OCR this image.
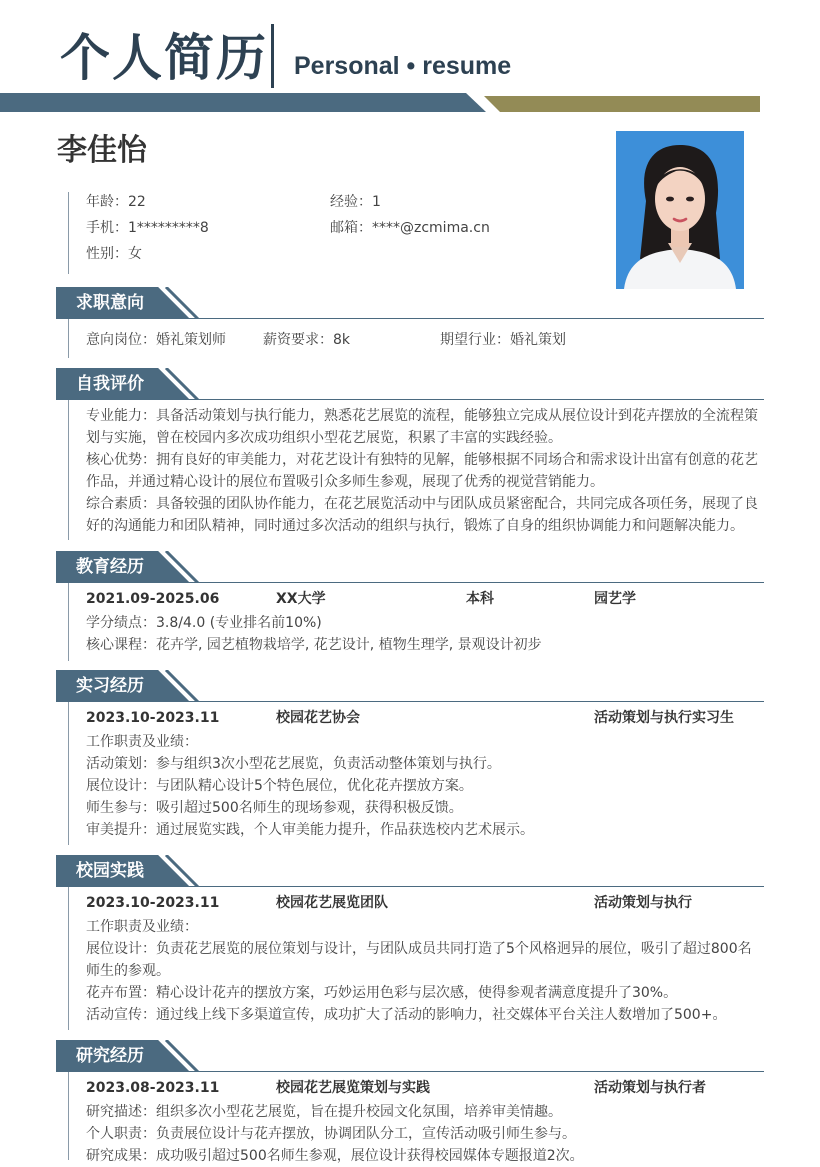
个人简历 Personal • resume
李佳怡
年龄：22	经验：1
手机：1*********8	邮箱：****@zcmima.cn
性别：女
求职意向
意向岗位：婚礼策划师	薪资要求：8k	期望行业：婚礼策划
自我评价

专业能力：具备活动策划与执行能力，熟悉花艺展览的流程，能够独立完成从展位设计到花卉摆放的全流程策划与实施，曾在校园内多次成功组织小型花艺展览，积累了丰富的实践经验。

核心优势：拥有良好的审美能力，对花艺设计有独特的见解，能够根据不同场合和需求设计出富有创意的花艺作品，并通过精心设计的展位布置吸引众多师生参观，展现了优秀的视觉营销能力。

综合素质：具备较强的团队协作能力，在花艺展览活动中与团队成员紧密配合，共同完成各项任务，展现了良好的沟通能力和团队精神，同时通过多次活动的组织与执行，锻炼了自身的组织协调能力和问题解决能力。

教育经历
2021.09-2025.06	XX大学	本科	园艺学
学分绩点：3.8/4.0 (专业排名前10%)
核心课程：花卉学, 园艺植物栽培学, 花艺设计, 植物生理学, 景观设计初步
实习经历
2023.10-2023.11	校园花艺协会	活动策划与执行实习生

工作职责及业绩：

活动策划：参与组织3次小型花艺展览，负责活动整体策划与执行。

展位设计：与团队精心设计5个特色展位，优化花卉摆放方案。

师生参与：吸引超过500名师生的现场参观，获得积极反馈。

审美提升：通过展览实践，个人审美能力提升，作品获选校内艺术展示。

校园实践
2023.10-2023.11	校园花艺展览团队	活动策划与执行

工作职责及业绩：

展位设计：负责花艺展览的展位策划与设计，与团队成员共同打造了5个风格迥异的展位，吸引了超过800名师生的参观。

花卉布置：精心设计花卉的摆放方案，巧妙运用色彩与层次感，使得参观者满意度提升了30%。

活动宣传：通过线上线下多渠道宣传，成功扩大了活动的影响力，社交媒体平台关注人数增加了500+。

研究经历
2023.08-2023.11	校园花艺展览策划与实践	活动策划与执行者

研究描述：组织多次小型花艺展览，旨在提升校园文化氛围，培养审美情趣。

个人职责：负责展位设计与花卉摆放，协调团队分工，宣传活动吸引师生参与。

研究成果：成功吸引超过500名师生参观，展位设计获得校园媒体专题报道2次。
